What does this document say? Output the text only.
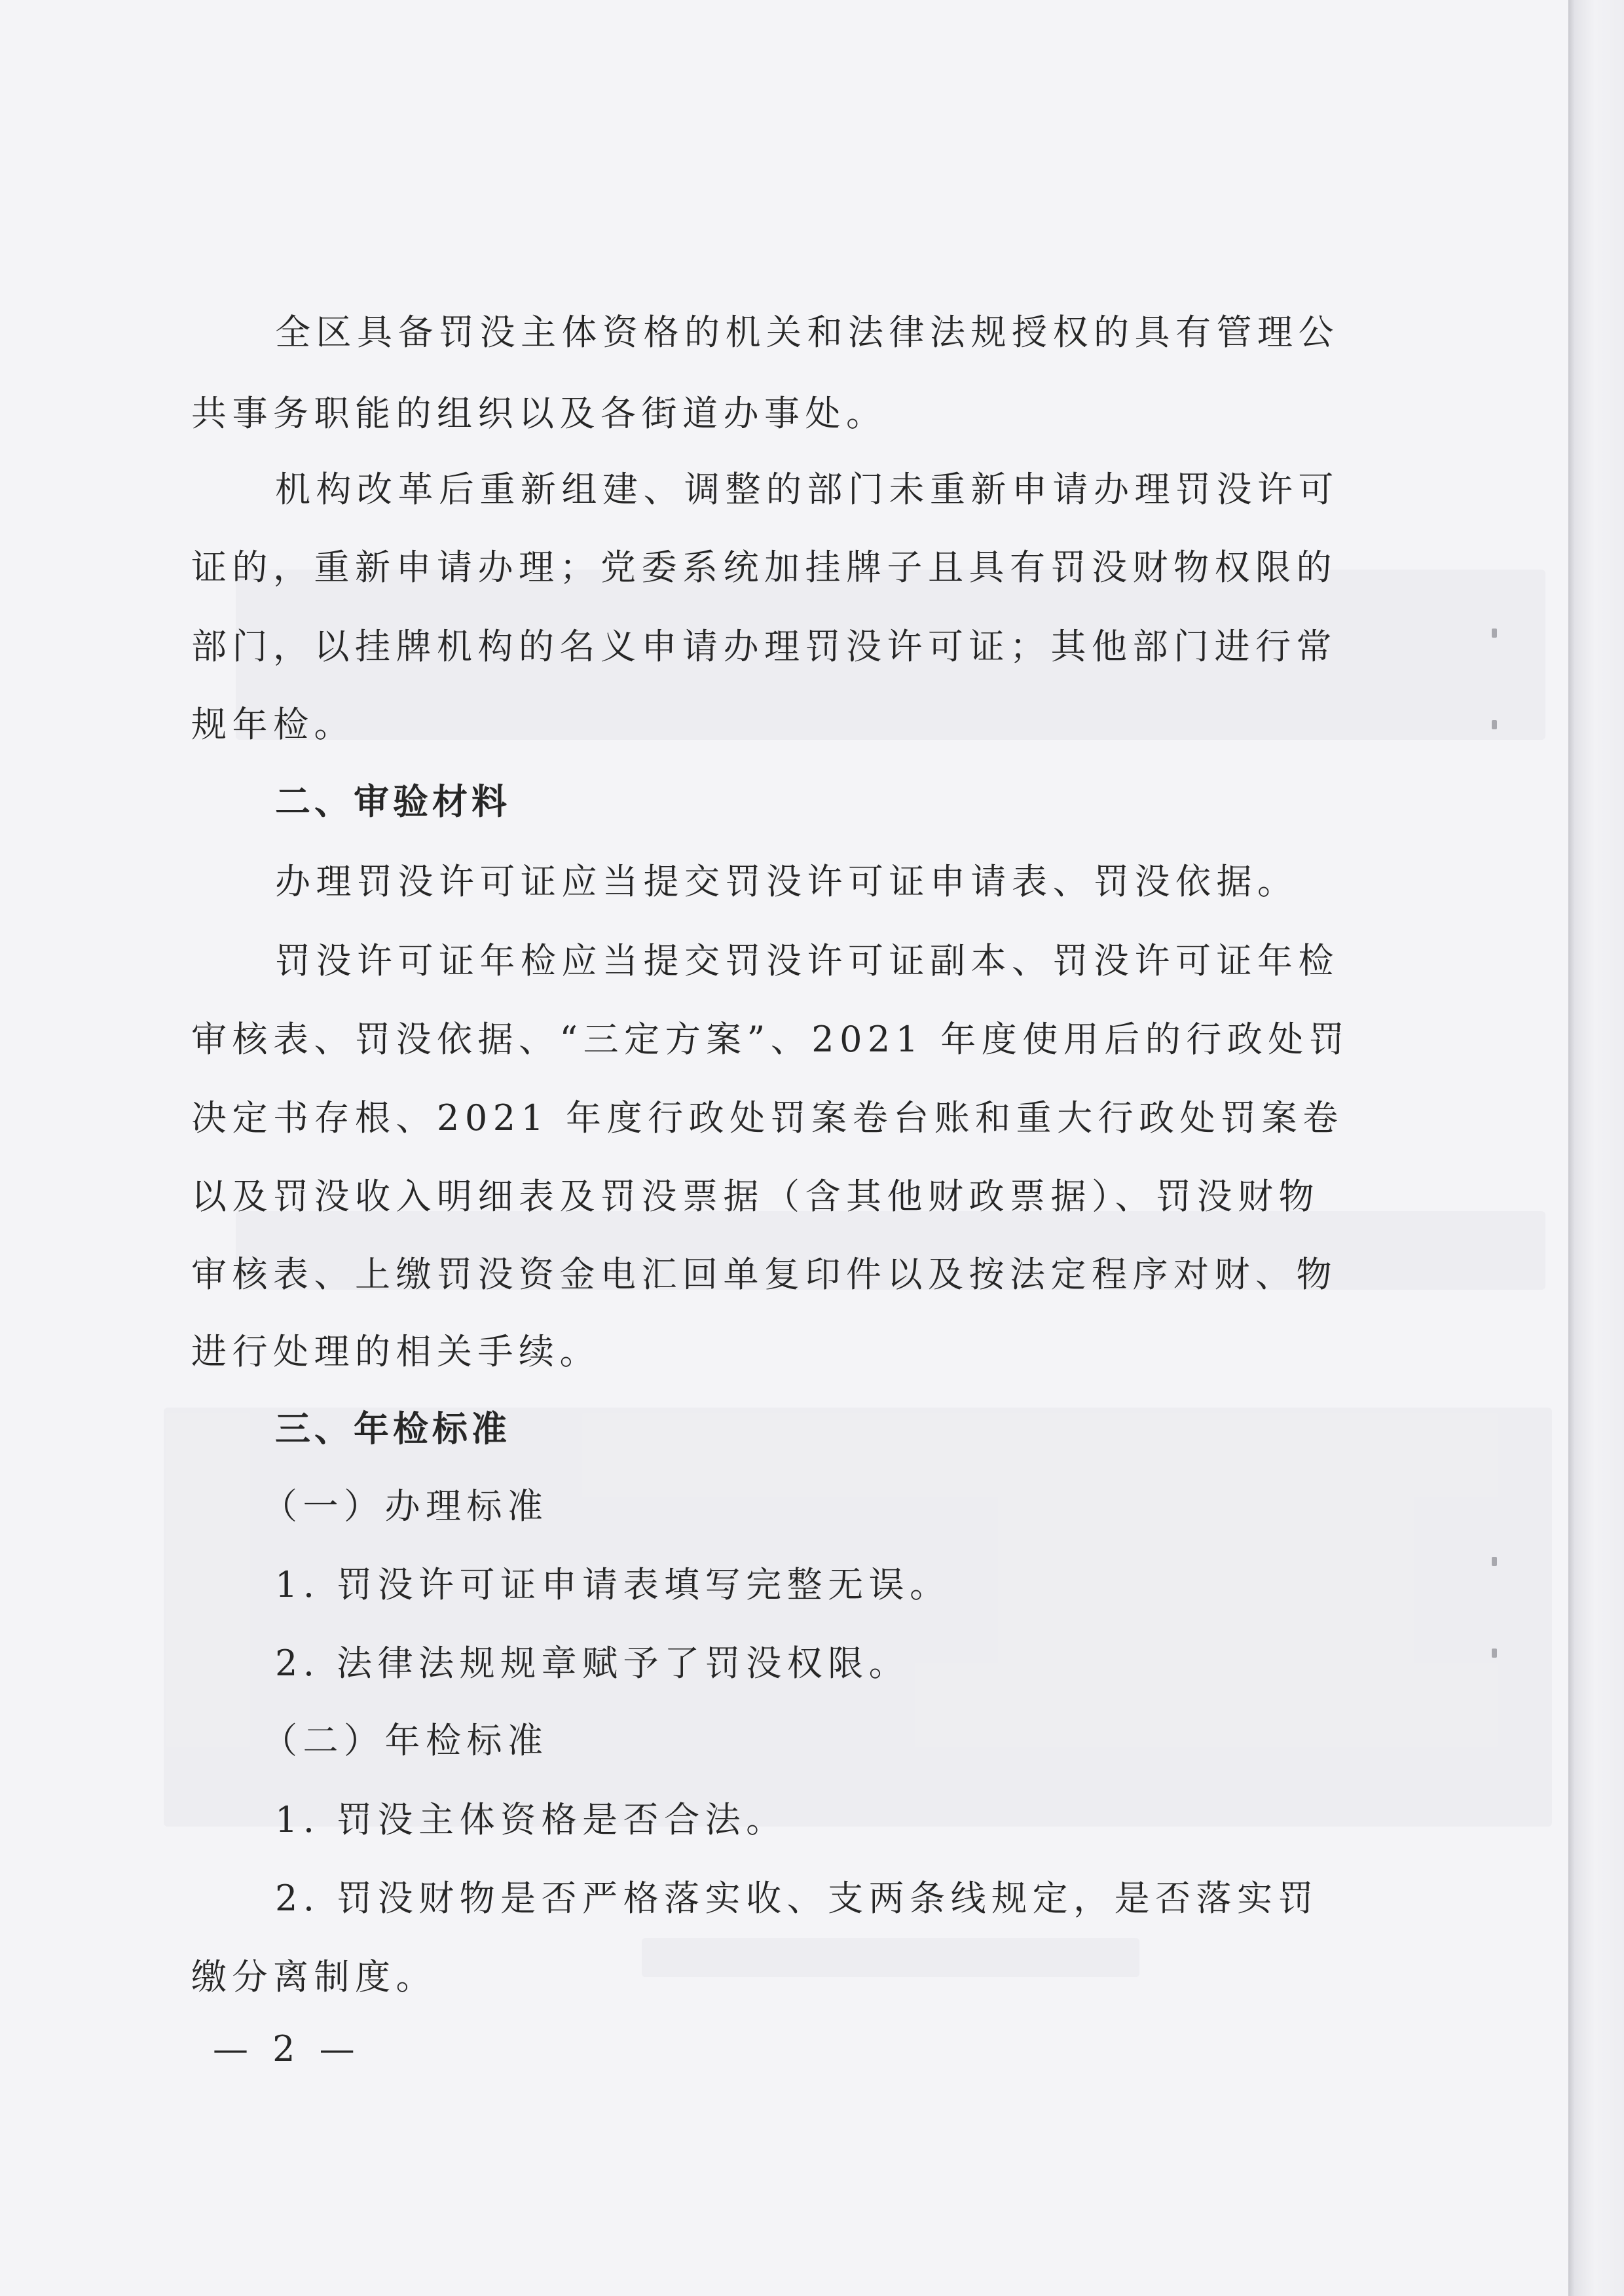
全区具备罚没主体资格的机关和法律法规授权的具有管理公

共事务职能的组织以及各街道办事处。

机构改革后重新组建、调整的部门未重新申请办理罚没许可

证的，重新申请办理；党委系统加挂牌子且具有罚没财物权限的

部门，以挂牌机构的名义申请办理罚没许可证；其他部门进行常

规年检。

二、审验材料

办理罚没许可证应当提交罚没许可证申请表、罚没依据。

罚没许可证年检应当提交罚没许可证副本、罚没许可证年检

审核表、罚没依据、“三定方案”、2021 年度使用后的行政处罚

决定书存根、2021 年度行政处罚案卷台账和重大行政处罚案卷

以及罚没收入明细表及罚没票据（含其他财政票据）、罚没财物

审核表、上缴罚没资金电汇回单复印件以及按法定程序对财、物

进行处理的相关手续。

三、年检标准

（一）办理标准

1. 罚没许可证申请表填写完整无误。

2. 法律法规规章赋予了罚没权限。

（二）年检标准

1. 罚没主体资格是否合法。

2. 罚没财物是否严格落实收、支两条线规定，是否落实罚

缴分离制度。

— 2 —
